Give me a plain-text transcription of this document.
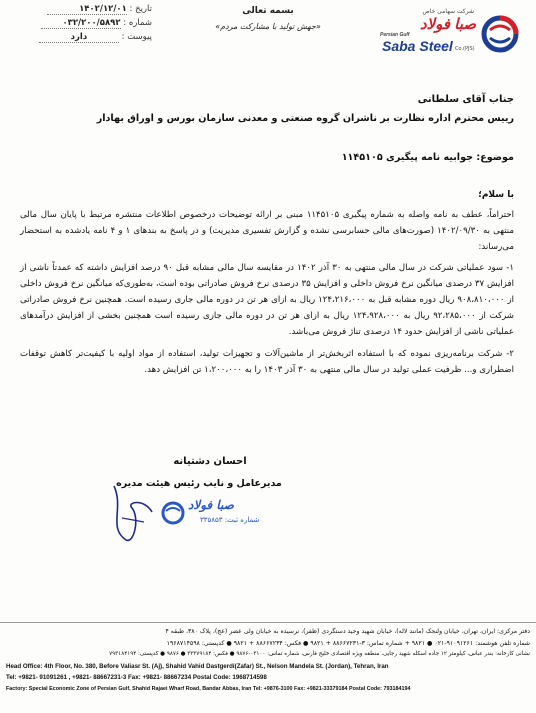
تاریخ : ۱۴۰۲/۱۲/۰۱
شماره : ۰۳۲/۲۰۰/۵۸۹۲
پیوست : دارد
بسمه تعالی
«جهش تولید با مشارکت مردم»
شرکت سهامی خاص
صبا فولاد
Persian Gulf
Saba Steel Co.(PJS)
جناب آقای سلطانی
رییس محترم اداره نظارت بر ناشران گروه صنعتی و معدنی سازمان بورس و اوراق بهادار
موضوع: جوابیه نامه پیگیری ۱۱۴۵۱۰۵
با سلام؛
احتراماً، عطف به نامه واصله به شماره پیگیری ۱۱۴۵۱۰۵ مبنی بر ارائه توضیحات درخصوص اطلاعات منتشره مرتبط با پایان سال مالی منتهی به ۱۴۰۲/۰۹/۳۰ (صورت‌های مالی حسابرسی نشده و گزارش تفسیری مدیریت) و در پاسخ به بندهای ۱ و ۴ نامه یادشده به استحضار می‌رساند:
۱- سود عملیاتی شرکت در سال مالی منتهی به ۳۰ آذر ۱۴۰۲ در مقایسه سال مالی مشابه قبل ۹۰ درصد افزایش داشته که عمدتاً ناشی از افزایش ۳۷ درصدی میانگین نرخ فروش داخلی و افزایش ۳۵ درصدی نرخ فروش صادراتی بوده است، به‌طوری‌که میانگین نرخ فروش داخلی از ۹۰۸،۸۱۰،۰۰۰ ریال دوره مشابه قبل به ۱۲۴،۲۱۶،۰۰۰ ریال به ازای هر تن در دوره مالی جاری رسیده است. همچنین نرخ فروش صادراتی شرکت از ۹۲،۲۸۵،۰۰۰ ریال به ۱۲۴،۹۲۸،۰۰۰ ریال به ازای هر تن در دوره مالی جاری رسیده است همچنین بخشی از افزایش درآمدهای عملیاتی ناشی از افزایش حدود ۱۴ درصدی تناژ فروش می‌باشد.
۲- شرکت برنامه‌ریزی نموده که با استفاده اثربخش‌تر از ماشین‌آلات و تجهیزات تولید، استفاده از مواد اولیه با کیفیت‌تر کاهش توقفات اضطراری و... ظرفیت عملی تولید در سال مالی منتهی به ۳۰ آذر ۱۴۰۳ را به ۱،۲۰۰،۰۰۰ تن افزایش دهد.
احسان دشتیانه
مدیرعامل و نایب رئیس هیئت مدیره
صبا فولاد
شماره ثبت: ۳۳۵۸۵۳
دفتر مرکزی: ایران، تهران، خیابان ولنجک (مانند لاله)، خیابان شهید وحید دستگردی (ظفر)، نرسیده به خیابان ولی عصر (عج)، پلاک ۳۸۰، طبقه ۴
شماره تلفن هوشمند: ۹۱۰۹۱۲۶۱-۰۲۱ ● ۹۸۲۱ + شماره تماس: ۳-۸۸۶۶۷۲۳۱ + ۹۸۲۱ ● فکس: ۸۸۶۶۷۲۳۴ + ۹۸۲۱ ● کدپستی: ۱۹۶۸۷۱۴۵۹۸
نشانی کارخانه: بندر عباس، کیلومتر ۱۲ جاده اسکله شهید رجایی، منطقه ویژه اقتصادی خلیج فارس، شماره تماس: ۰۳۱۰۰-۹۸۷۶ ● فکس: ۳۳۳۷۹۱۸۴ ● ۹۸۷۶ ● کدپستی: ۷۹۳۱۸۴۱۹۴
Head Office: 4th Floor, No. 380, Before Valiasr St. (Aj), Shahid Vahid Dastgerdi(Zafar) St., Nelson Mandela St. (Jordan), Tehran, Iran
Tel: +9821- 91091261 , +9821- 88667231-3 Fax: +9821- 88667234 Postal Code: 1968714598
Factory: Special Economic Zone of Persian Gulf, Shahid Rajaei Wharf Road, Bandar Abbas, Iran Tel: +9876-3100 Fax: +9821-33379184 Postal Code: 793184194
